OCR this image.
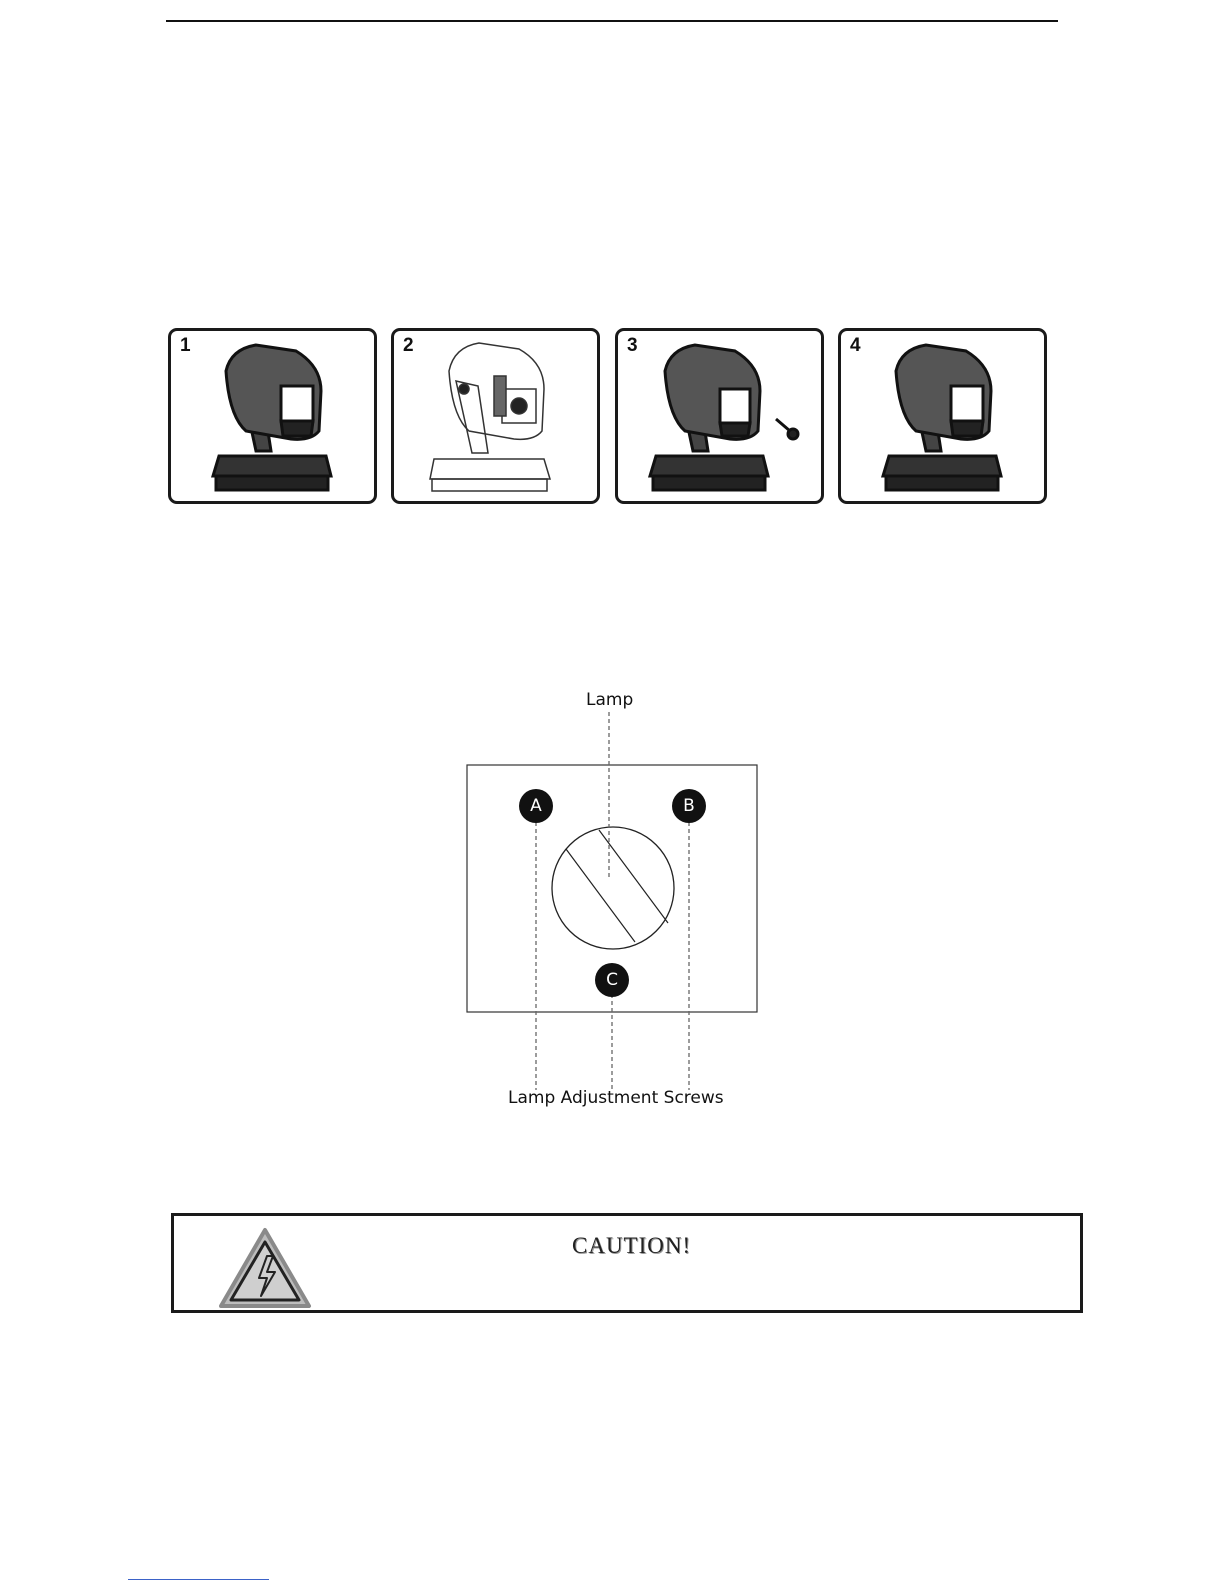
1	2	3	4
Lamp
Lamp Adjustment Screws
A	B
C
CAUTION!
